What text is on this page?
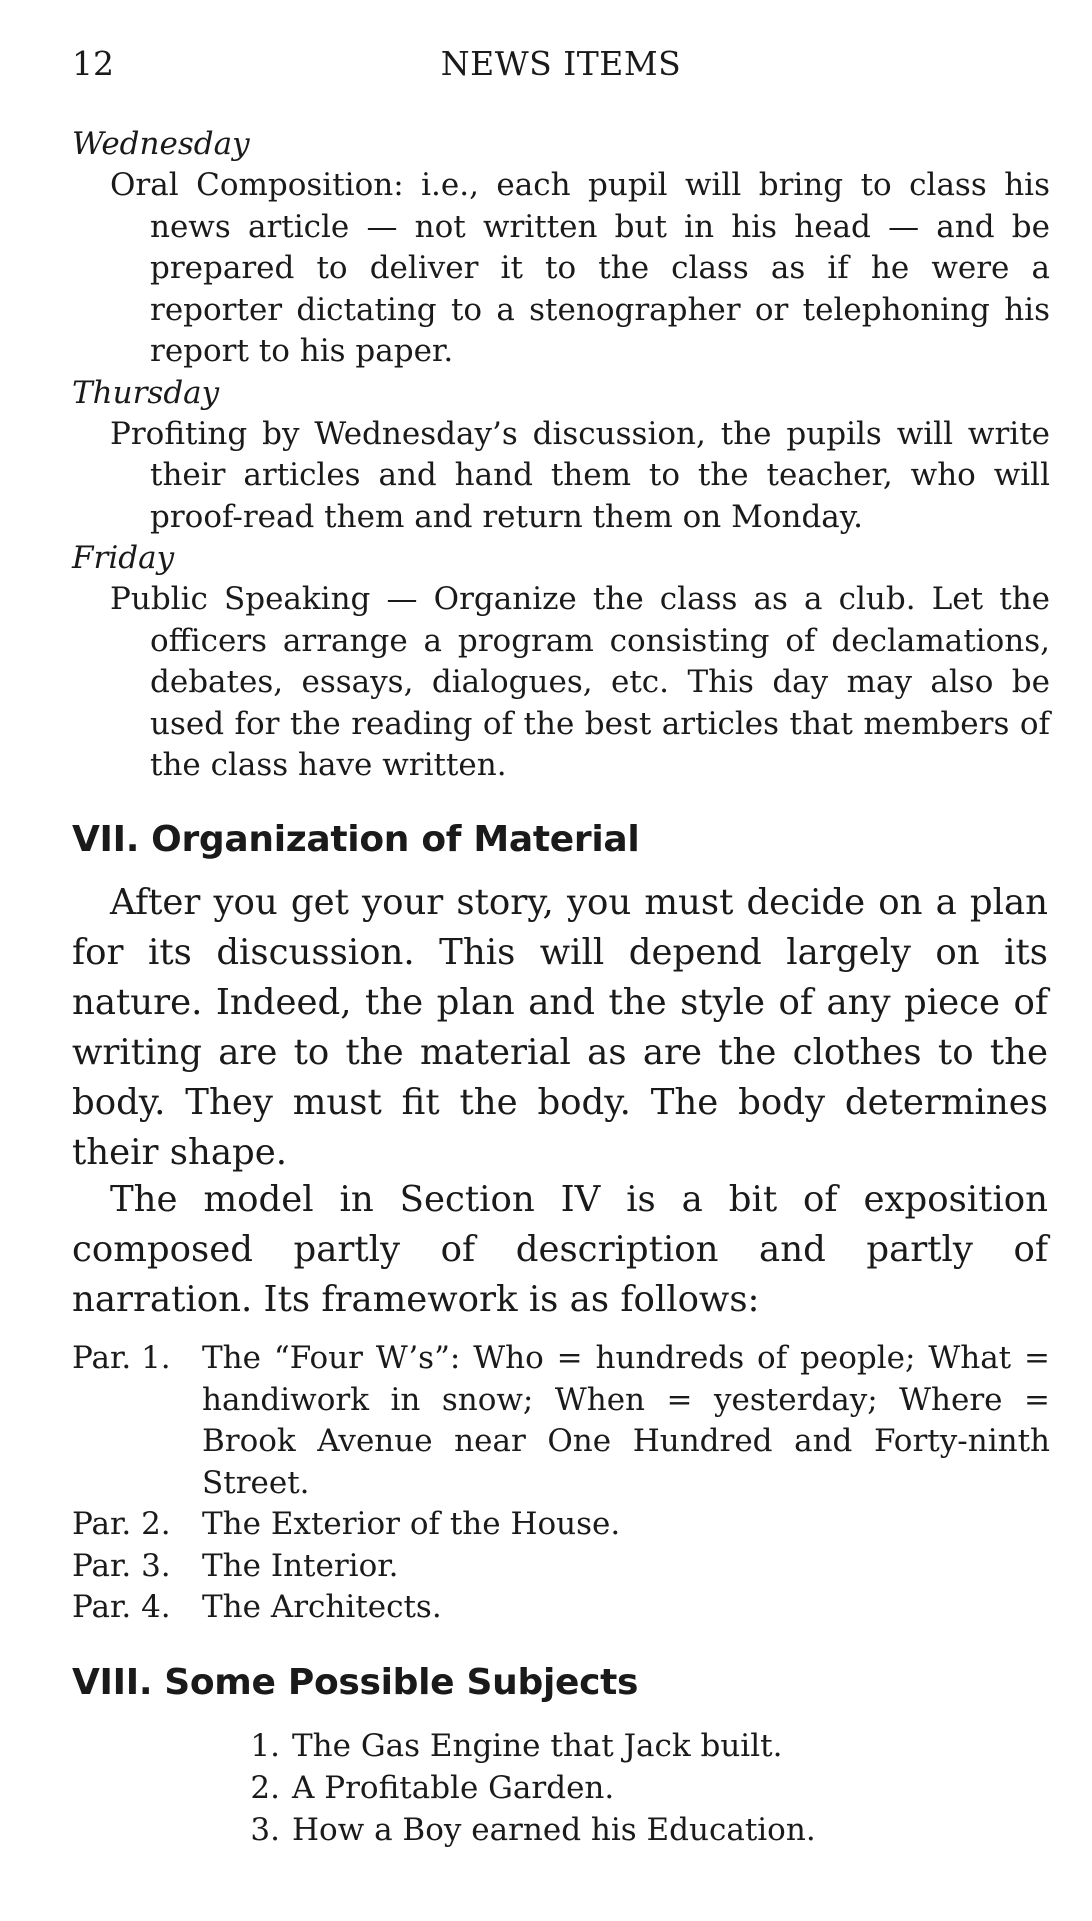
12	NEWS ITEMS
Wednesday
Oral Composition: i.e., each pupil will bring to class his news article — not written but in his head — and be prepared to deliver it to the class as if he were a reporter dictating to a stenographer or telephoning his report to his paper.
Thursday
Profiting by Wednesday’s discussion, the pupils will write their articles and hand them to the teacher, who will proof-read them and return them on Monday.
Friday
Public Speaking — Organize the class as a club. Let the officers arrange a program consisting of declamations, debates, essays, dialogues, etc. This day may also be used for the reading of the best articles that members of the class have written.
VII. Organization of Material

After you get your story, you must decide on a plan for its discussion. This will depend largely on its nature. Indeed, the plan and the style of any piece of writing are to the material as are the clothes to the body. They must fit the body. The body determines their shape.

The model in Section IV is a bit of exposition composed partly of description and partly of narration. Its framework is as follows:

Par. 1.	The “Four W’s”: Who = hundreds of people; What = handiwork in snow; When = yesterday; Where = Brook Avenue near One Hundred and Forty-ninth Street.
Par. 2.	The Exterior of the House.
Par. 3.	The Interior.
Par. 4.	The Architects.
VIII. Some Possible Subjects
1. The Gas Engine that Jack built.
2. A Profitable Garden.
3. How a Boy earned his Education.
